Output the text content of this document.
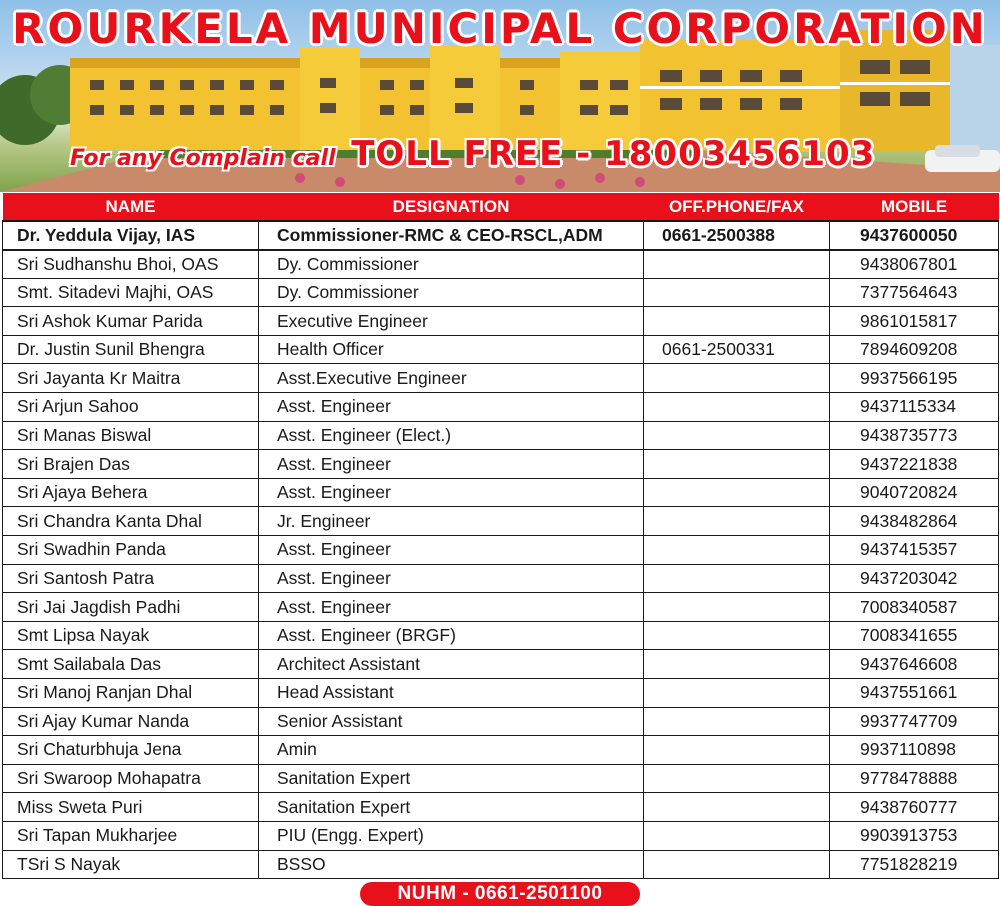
ROURKELA MUNICIPAL CORPORATION
For any Complain call TOLL FREE - 18003456103
NAME	DESIGNATION	OFF.PHONE/FAX	MOBILE
Dr. Yeddula Vijay, IAS	Commissioner-RMC & CEO-RSCL,ADM	0661-2500388	9437600050
Sri Sudhanshu Bhoi, OAS	Dy. Commissioner		9438067801
Smt. Sitadevi Majhi, OAS	Dy. Commissioner		7377564643
Sri Ashok Kumar Parida	Executive Engineer		9861015817
Dr. Justin Sunil Bhengra	Health Officer	0661-2500331	7894609208
Sri Jayanta Kr Maitra	Asst.Executive Engineer		9937566195
Sri Arjun Sahoo	Asst. Engineer		9437115334
Sri Manas Biswal	Asst. Engineer (Elect.)		9438735773
Sri Brajen Das	Asst. Engineer		9437221838
Sri Ajaya Behera	Asst. Engineer		9040720824
Sri Chandra Kanta Dhal	Jr. Engineer		9438482864
Sri Swadhin Panda	Asst. Engineer		9437415357
Sri Santosh Patra	Asst. Engineer		9437203042
Sri Jai Jagdish Padhi	Asst. Engineer		7008340587
Smt Lipsa Nayak	Asst. Engineer (BRGF)		7008341655
Smt Sailabala Das	Architect Assistant		9437646608
Sri Manoj Ranjan Dhal	Head Assistant		9437551661
Sri Ajay Kumar Nanda	Senior Assistant		9937747709
Sri Chaturbhuja Jena	Amin		9937110898
Sri Swaroop Mohapatra	Sanitation Expert		9778478888
Miss Sweta Puri	Sanitation Expert		9438760777
Sri Tapan Mukharjee	PIU (Engg. Expert)		9903913753
TSri S Nayak	BSSO		7751828219
NUHM - 0661-2501100
